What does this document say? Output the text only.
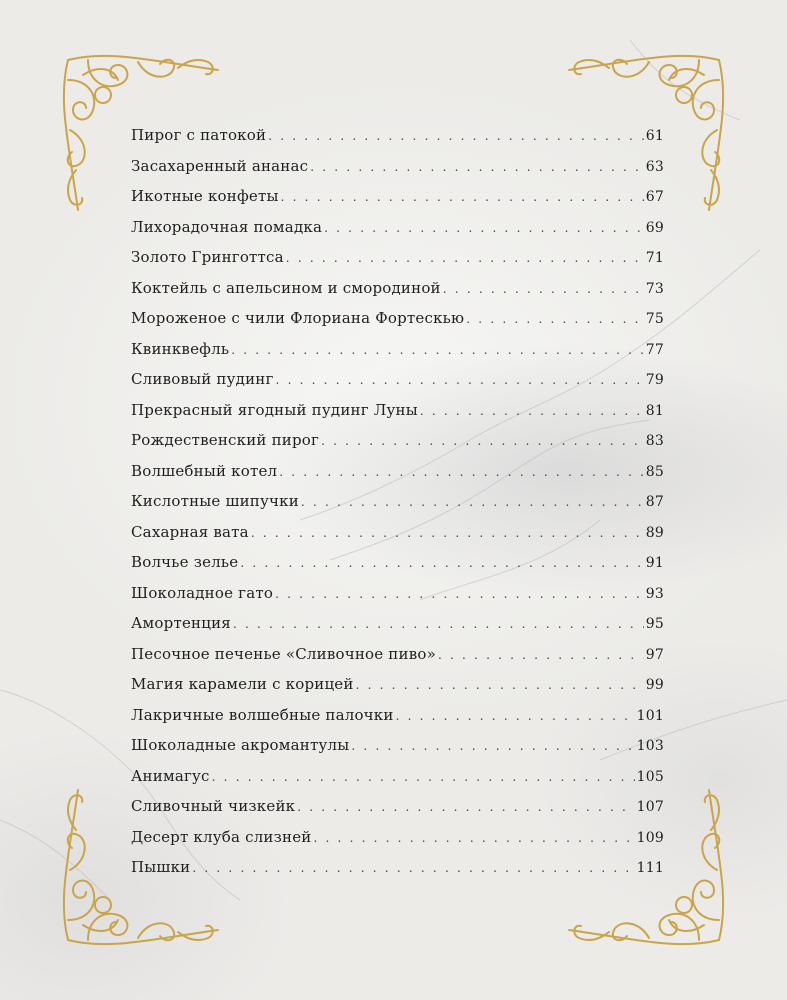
Пирог с патокой . . .	61
Засахаренный ананас . . .	63
Икотные конфеты . . .	67
Лихорадочная помадка . . .	69
Золото Гринготтса . . .	71
Коктейль с апельсином и смородиной . . .	73
Мороженое с чили Флориана Фортескью . . .	75
Квинквефль . . .	77
Сливовый пудинг . . .	79
Прекрасный ягодный пудинг Луны . . .	81
Рождественский пирог . . .	83
Волшебный котел . . .	85
Кислотные шипучки . . .	87
Сахарная вата . . .	89
Волчье зелье . . .	91
Шоколадное гато . . .	93
Амортенция . . .	95
Песочное печенье «Сливочное пиво» . . .	97
Магия карамели с корицей . . .	99
Лакричные волшебные палочки . . .	101
Шоколадные акромантулы . . .	103
Анимагус . . .	105
Сливочный чизкейк . . .	107
Десерт клуба слизней . . .	109
Пышки . . .	111
